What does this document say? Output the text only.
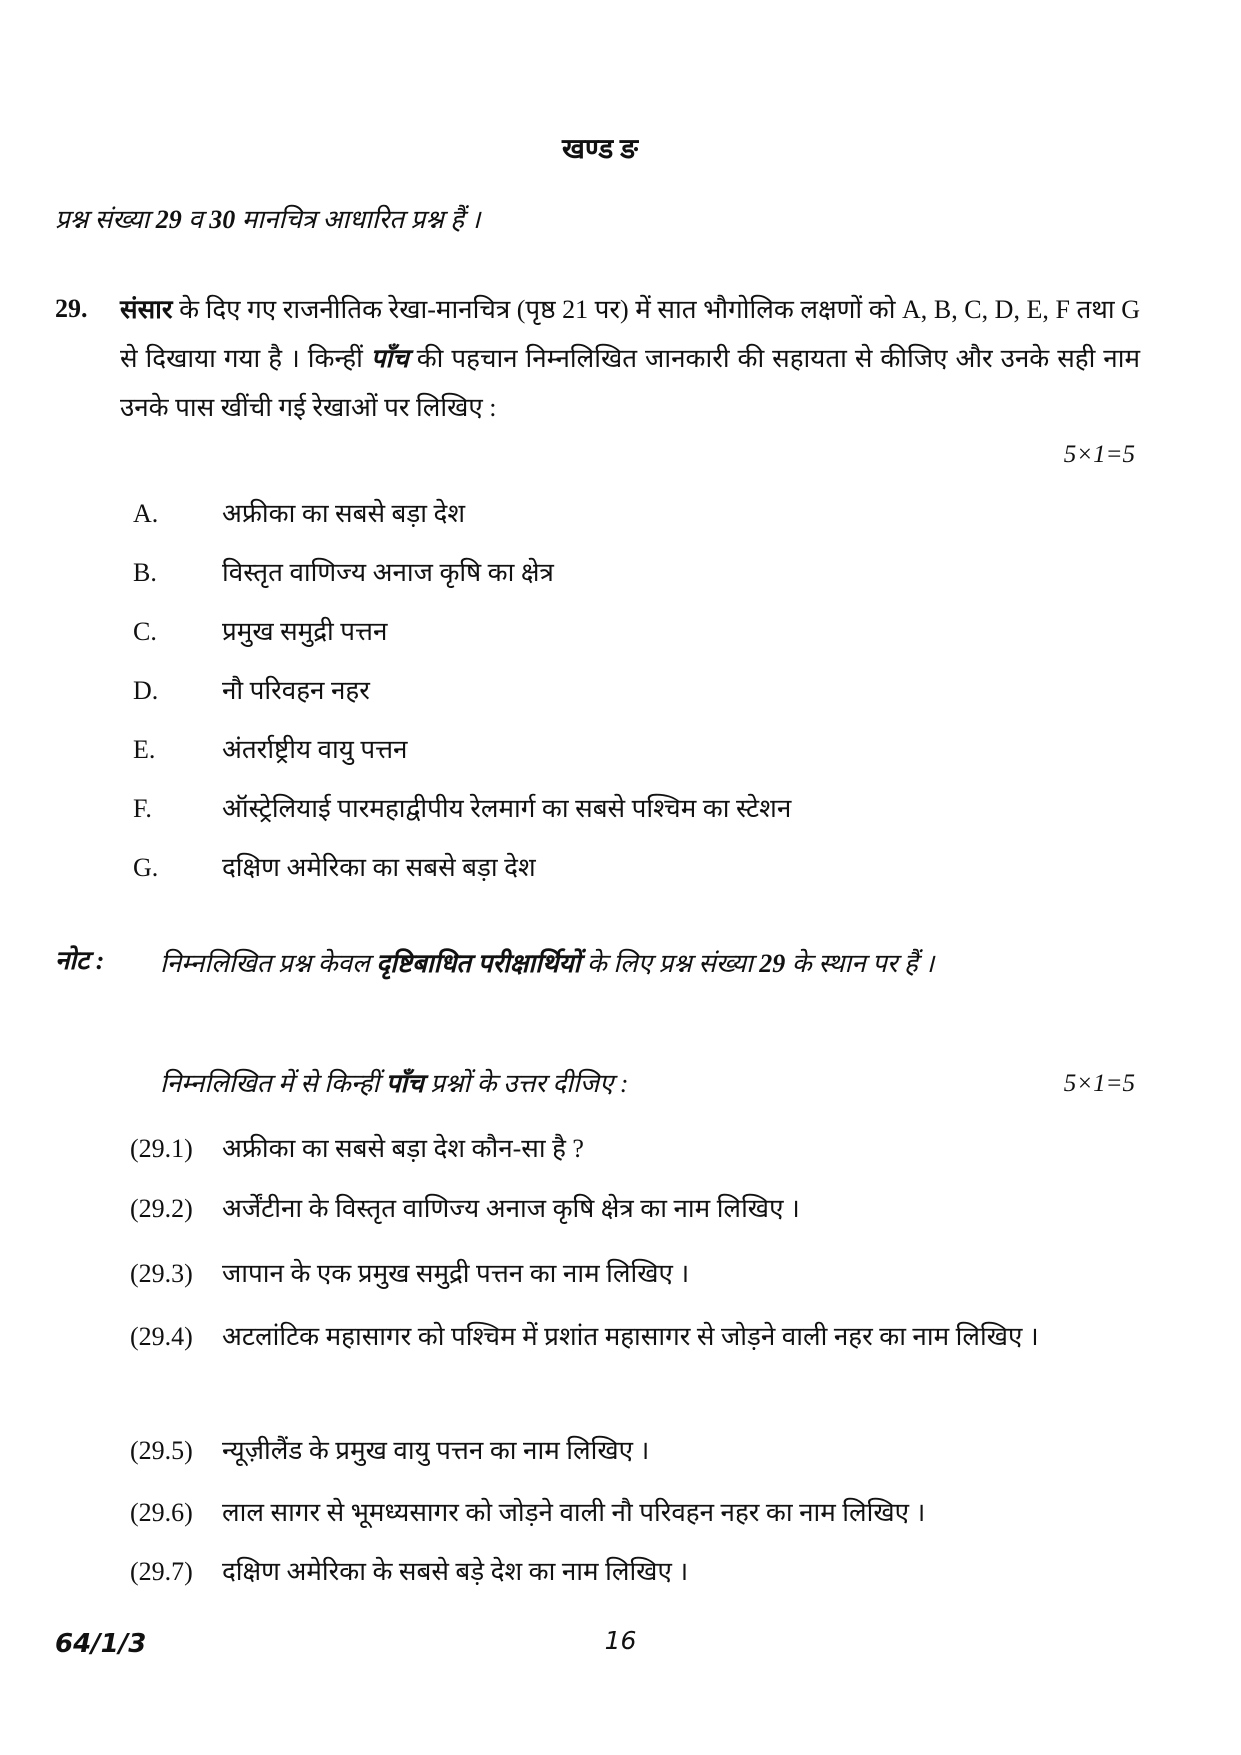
खण्ड ङ
प्रश्न संख्या 29 व 30 मानचित्र आधारित प्रश्न हैं ।
29. संसार के दिए गए राजनीतिक रेखा-मानचित्र (पृष्ठ 21 पर) में सात भौगोलिक लक्षणों को A, B, C, D, E, F तथा G से दिखाया गया है । किन्हीं पाँच की पहचान निम्नलिखित जानकारी की सहायता से कीजिए और उनके सही नाम उनके पास खींची गई रेखाओं पर लिखिए :
5×1=5
A. अफ्रीका का सबसे बड़ा देश
B.	विस्तृत वाणिज्य अनाज कृषि का क्षेत्र
C.	प्रमुख समुद्री पत्तन
D. नौ परिवहन नहर
E.	अंतर्राष्ट्रीय वायु पत्तन
F.	ऑस्ट्रेलियाई पारमहाद्वीपीय रेलमार्ग का सबसे पश्चिम का स्टेशन
G. दक्षिण अमेरिका का सबसे बड़ा देश
नोट : निम्नलिखित प्रश्न केवल दृष्टिबाधित परीक्षार्थियों के लिए प्रश्न संख्या 29 के स्थान पर हैं ।
निम्नलिखित में से किन्हीं पाँच प्रश्नों के उत्तर दीजिए :	5×1=5
(29.1) अफ्रीका का सबसे बड़ा देश कौन-सा है ?
(29.2) अर्जेंटीना के विस्तृत वाणिज्य अनाज कृषि क्षेत्र का नाम लिखिए ।
(29.3) जापान के एक प्रमुख समुद्री पत्तन का नाम लिखिए ।
(29.4) अटलांटिक महासागर को पश्चिम में प्रशांत महासागर से जोड़ने वाली नहर का नाम लिखिए ।
(29.5) न्यूज़ीलैंड के प्रमुख वायु पत्तन का नाम लिखिए ।
(29.6) लाल सागर से भूमध्यसागर को जोड़ने वाली नौ परिवहन नहर का नाम लिखिए ।
(29.7) दक्षिण अमेरिका के सबसे बड़े देश का नाम लिखिए ।
64/1/3	16
